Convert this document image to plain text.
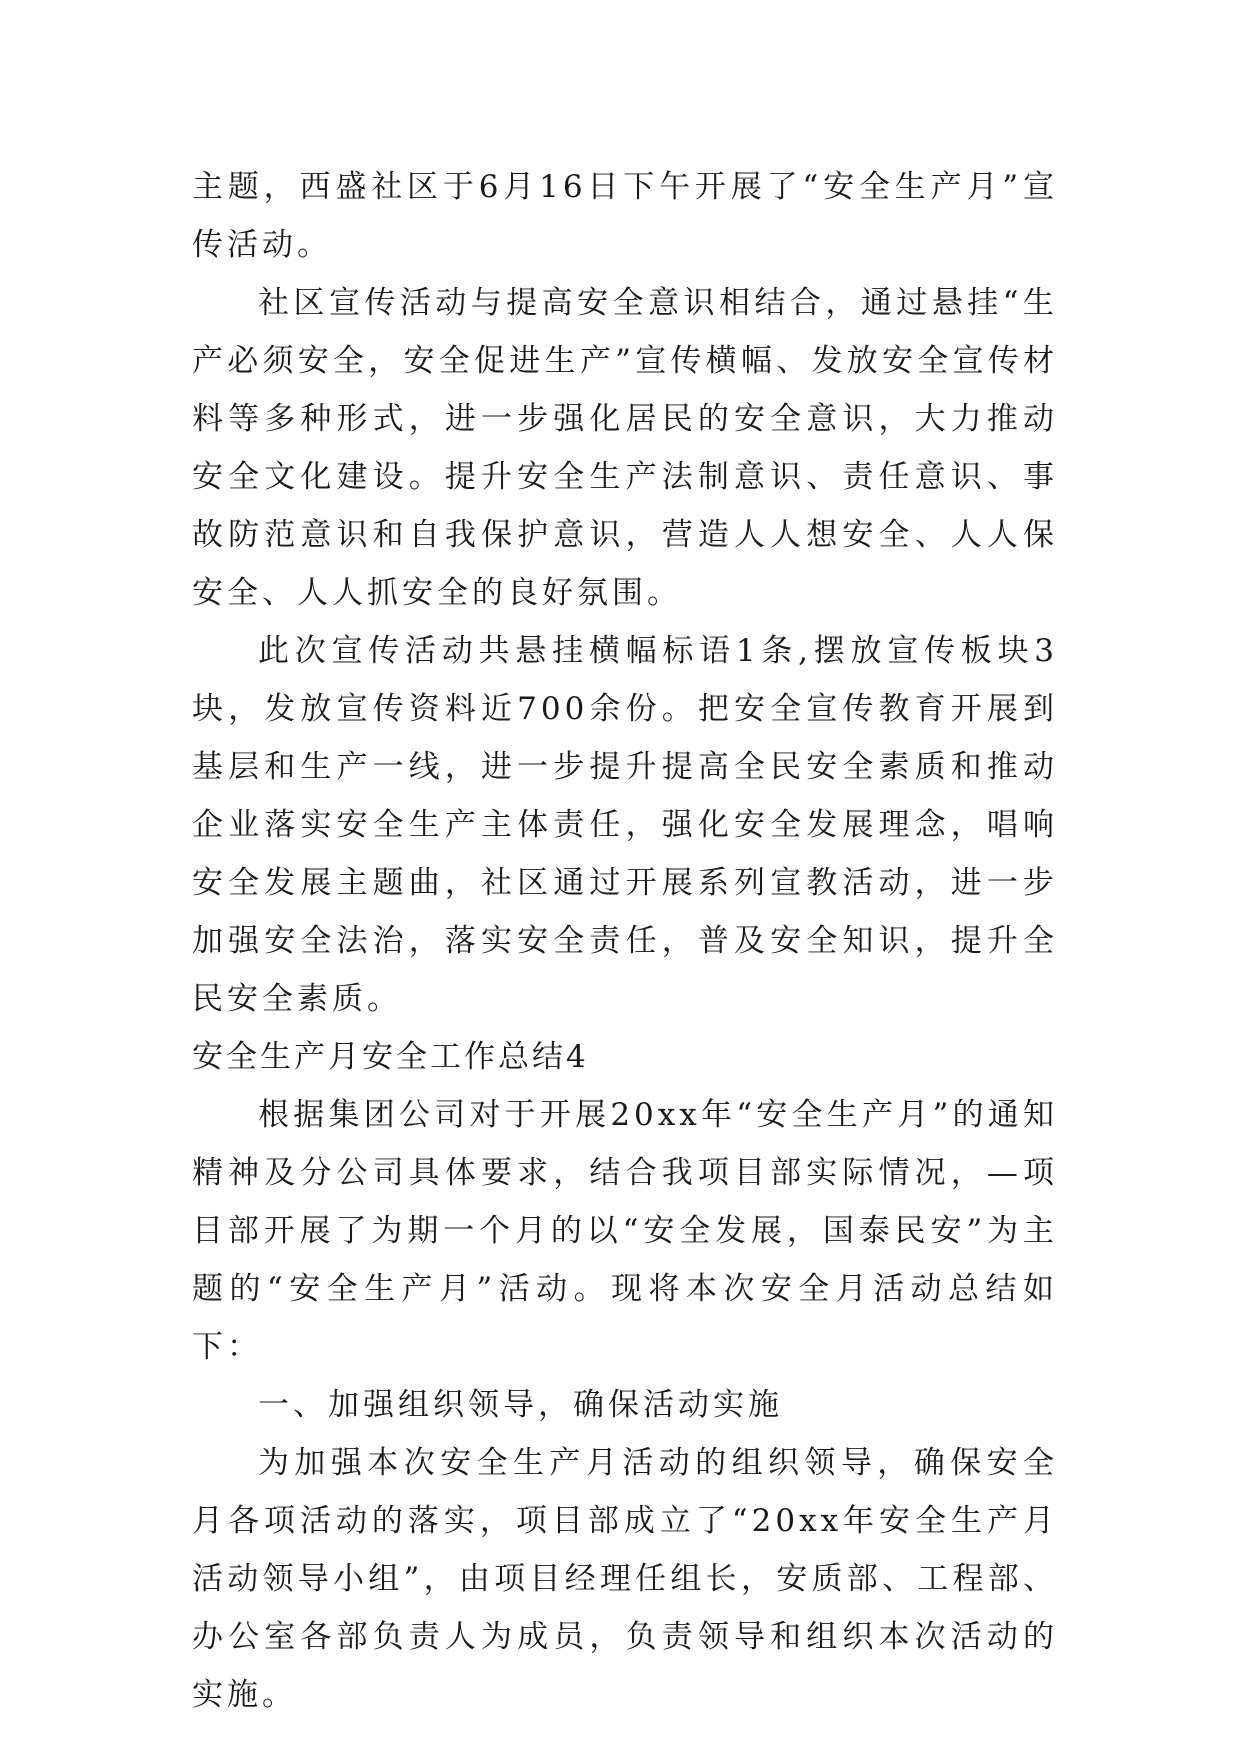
主题，西盛社区于6月16日下午开展了“安全生产月”宣传活动。

社区宣传活动与提高安全意识相结合，通过悬挂“生产必须安全，安全促进生产”宣传横幅、发放安全宣传材料等多种形式，进一步强化居民的安全意识，大力推动安全文化建设。提升安全生产法制意识、责任意识、事故防范意识和自我保护意识，营造人人想安全、人人保安全、人人抓安全的良好氛围。

此次宣传活动共悬挂横幅标语1条,摆放宣传板块3块，发放宣传资料近700余份。把安全宣传教育开展到基层和生产一线，进一步提升提高全民安全素质和推动企业落实安全生产主体责任，强化安全发展理念，唱响安全发展主题曲，社区通过开展系列宣教活动，进一步加强安全法治，落实安全责任，普及安全知识，提升全民安全素质。

安全生产月安全工作总结4

根据集团公司对于开展20xx年“安全生产月”的通知精神及分公司具体要求，结合我项目部实际情况，—项目部开展了为期一个月的以“安全发展，国泰民安”为主题的“安全生产月”活动。现将本次安全月活动总结如下：

一、加强组织领导，确保活动实施

为加强本次安全生产月活动的组织领导，确保安全月各项活动的落实，项目部成立了“20xx年安全生产月活动领导小组”，由项目经理任组长，安质部、工程部、办公室各部负责人为成员，负责领导和组织本次活动的实施。
